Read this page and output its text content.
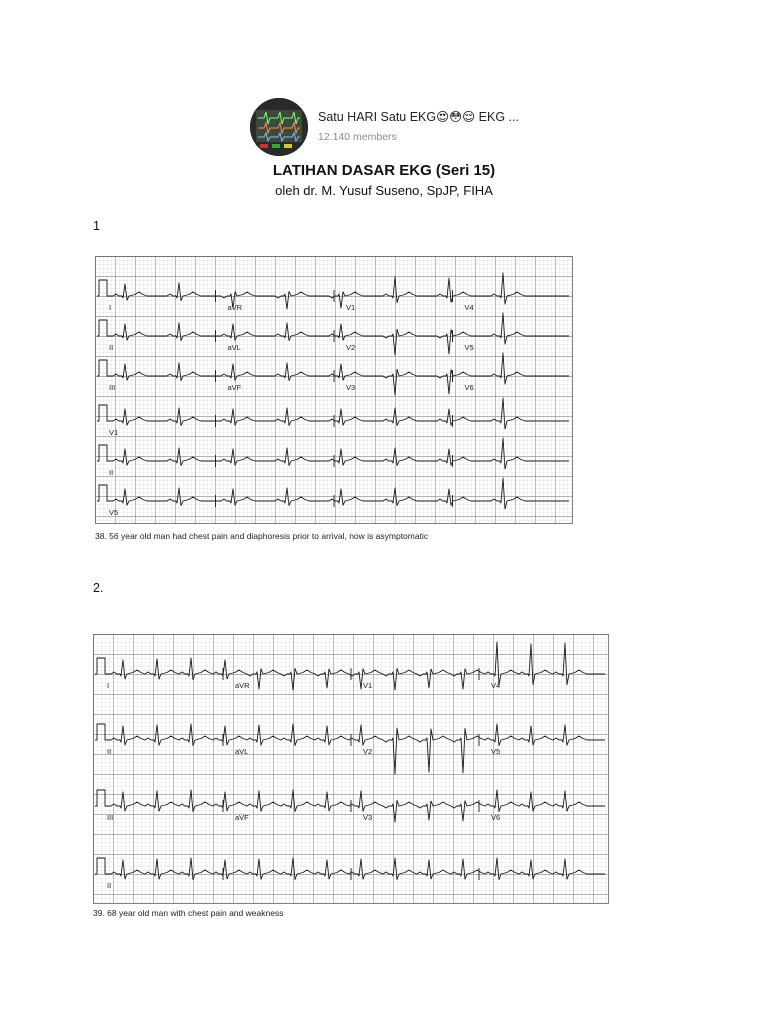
Satu HARI Satu EKG😍😳😌 EKG ...
12.140 members
LATIHAN DASAR EKG (Seri 15)
oleh dr. M. Yusuf Suseno, SpJP, FIHA
1
I	aVR	V1	V4
II	aVL	V2	V5
III	aVF	V3	V6
V1
II
V5
38. 56 year old man had chest pain and diaphoresis prior to arrival, now is asymptomatic
2.
I	aVR	V1	V4
II	aVL	V2	V5
III	aVF	V3	V6
II
39. 68 year old man with chest pain and weakness
